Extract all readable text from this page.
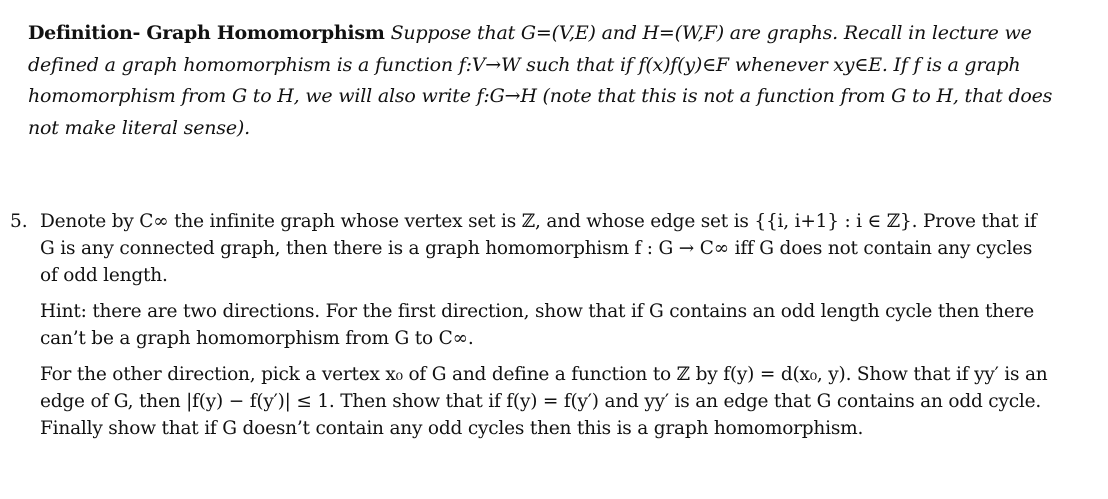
Definition- Graph Homomorphism Suppose that G=(V,E) and H=(W,F) are graphs. Recall in lecture we defined a graph homomorphism is a function f:V→W such that if f(x)f(y)∈F whenever xy∈E. If f is a graph homomorphism from G to H, we will also write f:G→H (note that this is not a function from G to H, that does not make literal sense).

5. Denote by C∞ the infinite graph whose vertex set is ℤ, and whose edge set is {{i, i+1} : i ∈ ℤ}. Prove that if G is any connected graph, then there is a graph homomorphism f : G → C∞ iff G does not contain any cycles of odd length.

Hint: there are two directions. For the first direction, show that if G contains an odd length cycle then there can’t be a graph homomorphism from G to C∞.

For the other direction, pick a vertex x₀ of G and define a function to ℤ by f(y) = d(x₀, y). Show that if yy′ is an edge of G, then |f(y) − f(y′)| ≤ 1. Then show that if f(y) = f(y′) and yy′ is an edge that G contains an odd cycle. Finally show that if G doesn’t contain any odd cycles then this is a graph homomorphism.
